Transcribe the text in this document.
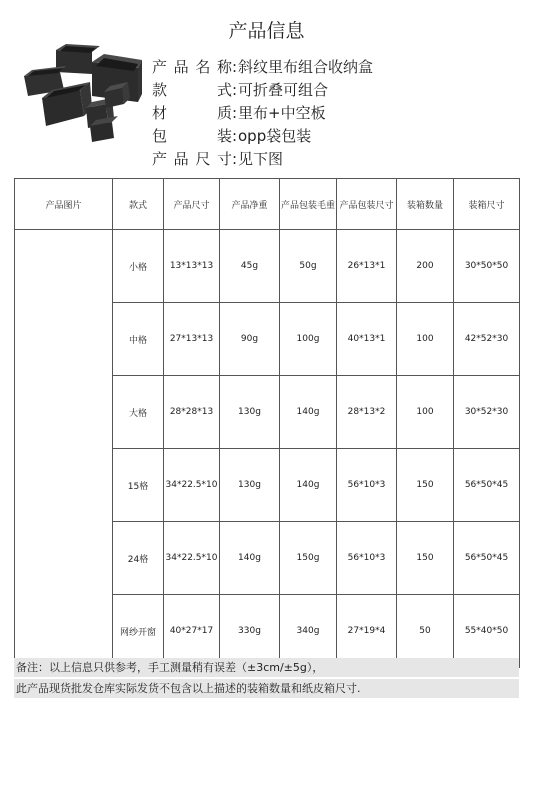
产品信息
产品名称 : 斜纹里布组合收纳盒
款式 : 可折叠可组合
材质 : 里布+中空板
包装 : opp袋包装
产品尺寸 : 见下图
产品图片	款式	产品尺寸	产品净重	产品包装毛重	产品包装尺寸	装箱数量	装箱尺寸
	小格	13*13*13	45g	50g	26*13*1	200	30*50*50
	中格	27*13*13	90g	100g	40*13*1	100	42*52*30
	大格	28*28*13	130g	140g	28*13*2	100	30*52*30
	15格	34*22.5*10	130g	140g	56*10*3	150	56*50*45
	24格	34*22.5*10	140g	150g	56*10*3	150	56*50*45
	网纱开窗	40*27*17	330g	340g	27*19*4	50	55*40*50
备注：以上信息只供参考，手工测量稍有误差（±3cm/±5g），
此产品现货批发仓库实际发货不包含以上描述的装箱数量和纸皮箱尺寸.
